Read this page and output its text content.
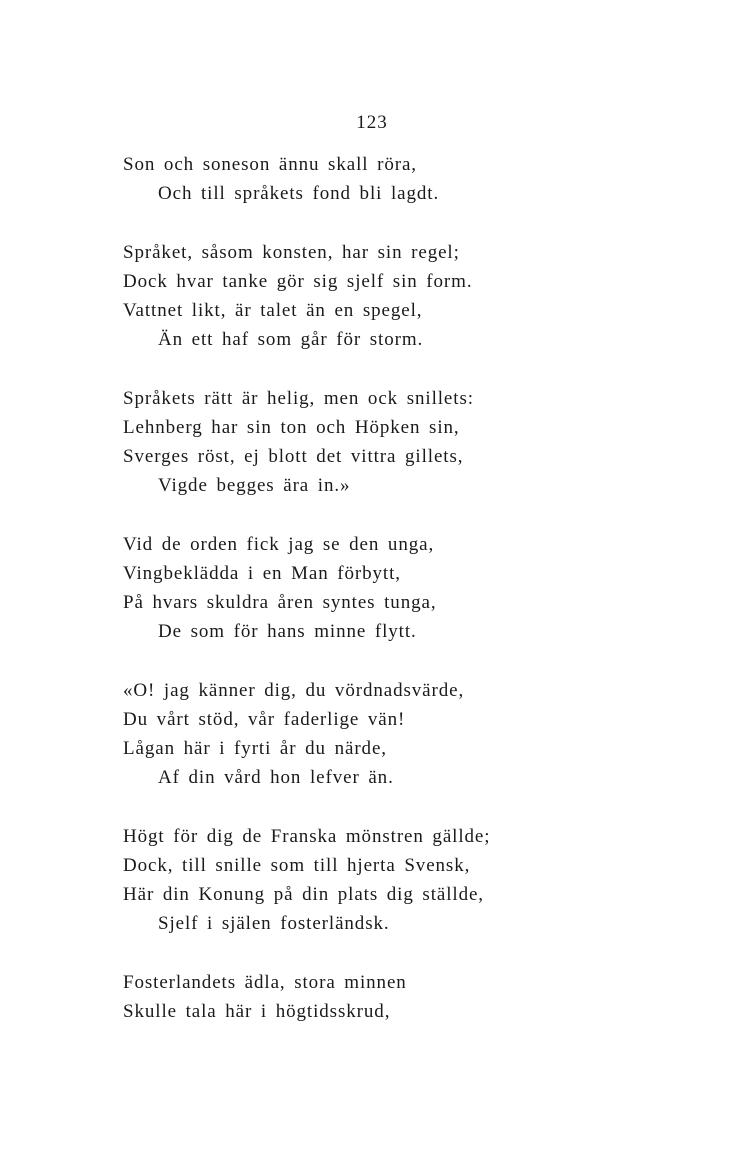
123
Son och soneson ännu skall röra,
Och till språkets fond bli lagdt.
Språket, såsom konsten, har sin regel;
Dock hvar tanke gör sig sjelf sin form.
Vattnet likt, är talet än en spegel,
Än ett haf som går för storm.
Språkets rätt är helig, men ock snillets:
Lehnberg har sin ton och Höpken sin,
Sverges röst, ej blott det vittra gillets,
Vigde begges ära in.»
Vid de orden fick jag se den unga,
Vingbeklädda i en Man förbytt,
På hvars skuldra åren syntes tunga,
De som för hans minne flytt.
«O! jag känner dig, du vördnadsvärde,
Du vårt stöd, vår faderlige vän!
Lågan här i fyrti år du närde,
Af din vård hon lefver än.
Högt för dig de Franska mönstren gällde;
Dock, till snille som till hjerta Svensk,
Här din Konung på din plats dig ställde,
Sjelf i själen fosterländsk.
Fosterlandets ädla, stora minnen
Skulle tala här i högtidsskrud,
